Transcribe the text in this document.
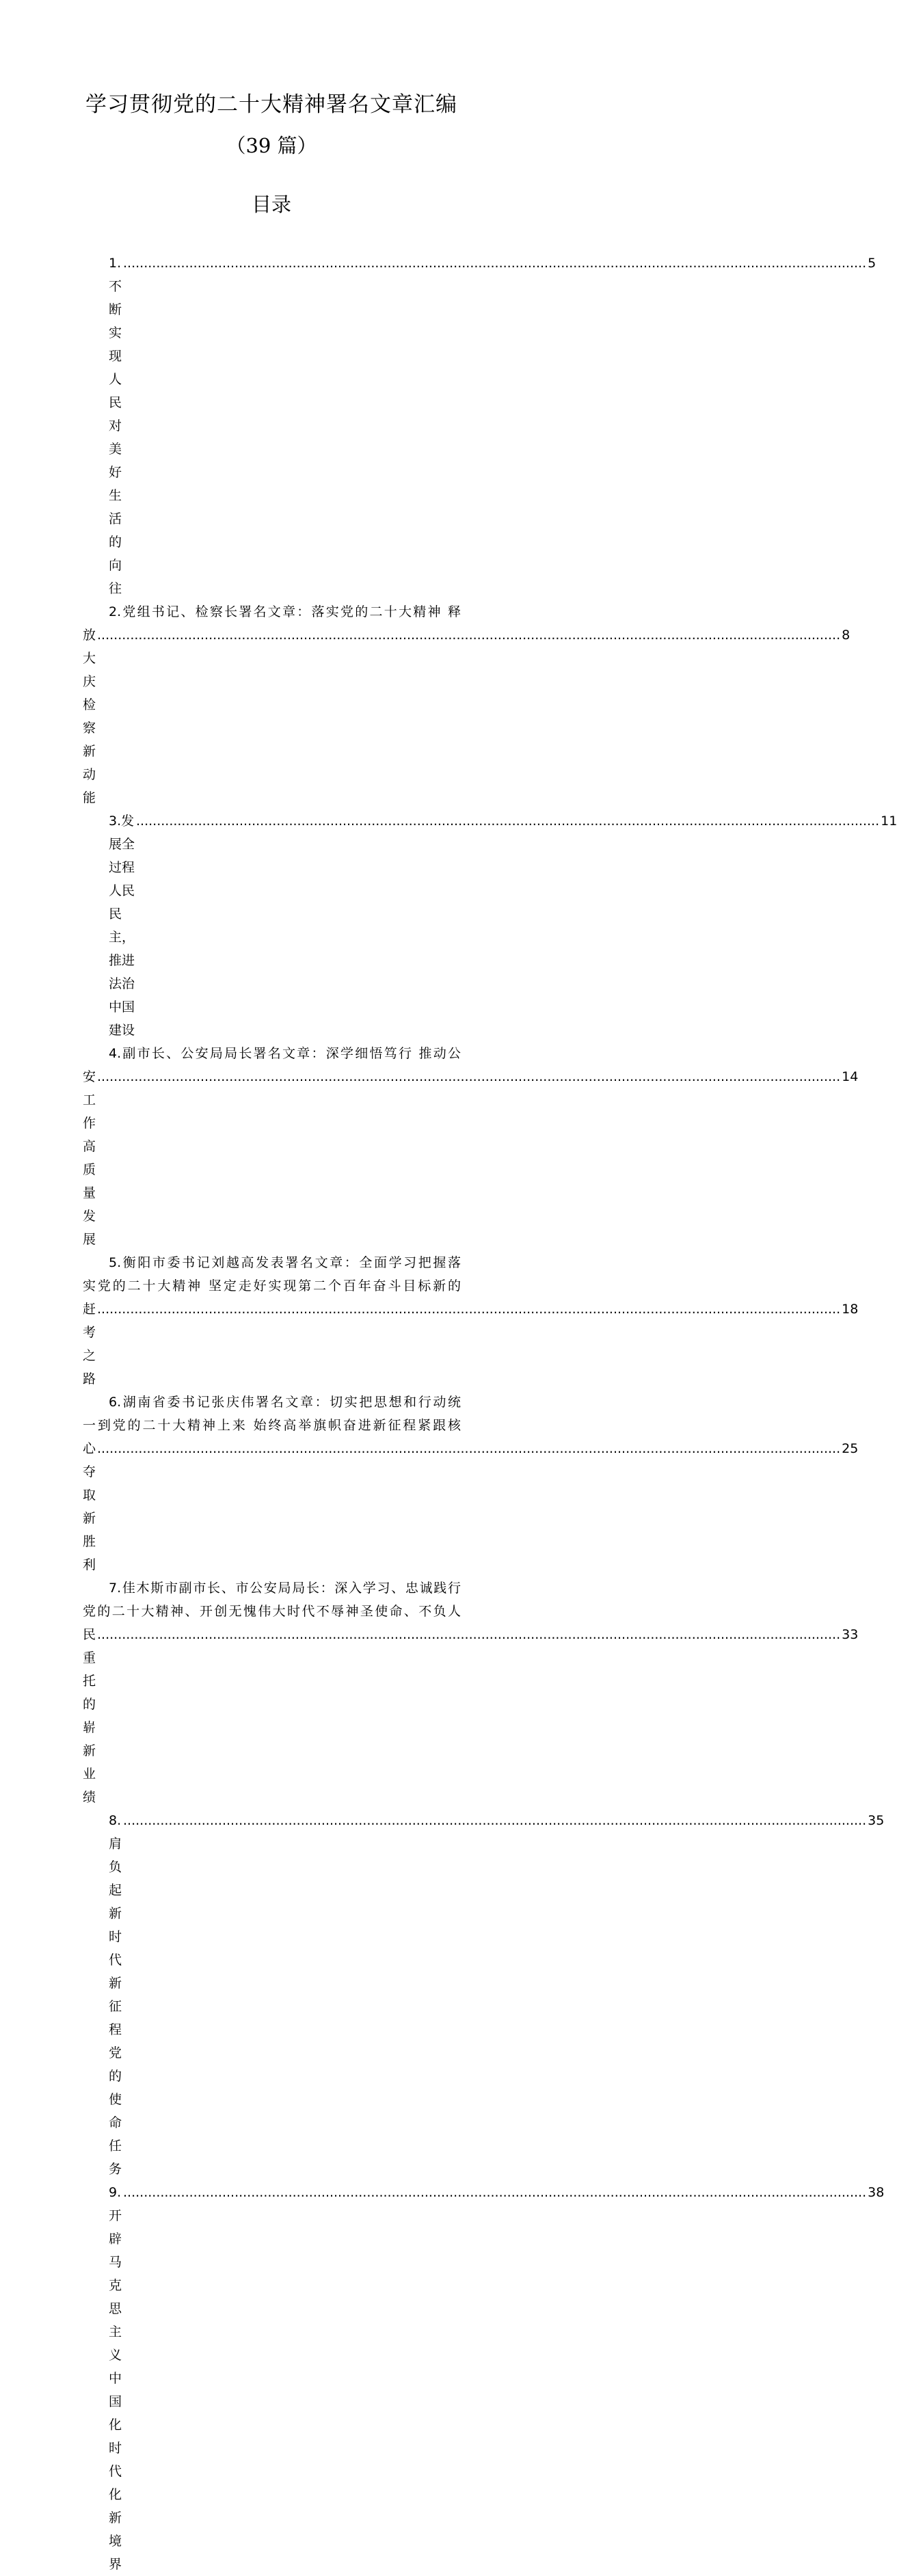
学习贯彻党的二十大精神署名文章汇编
（39 篇）
目录
1.不断实现人民对美好生活的向往
.................................................................................................................................................................................... 5
2.党组书记、检察长署名文章：落实党的二十大精神 释
放大庆检察新动能
.................................................................................................................................................................................... 8
3.发展全过程人民民主，推进法治中国建设
.................................................................................................................................................................................... 11
4.副市长、公安局局长署名文章：深学细悟笃行 推动公
安工作高质量发展
.................................................................................................................................................................................... 14
5.衡阳市委书记刘越高发表署名文章：全面学习把握落
实党的二十大精神 坚定走好实现第二个百年奋斗目标新的
赶考之路
.................................................................................................................................................................................... 18
6.湖南省委书记张庆伟署名文章：切实把思想和行动统
一到党的二十大精神上来 始终高举旗帜奋进新征程紧跟核
心夺取新胜利
.................................................................................................................................................................................... 25
7.佳木斯市副市长、市公安局局长：深入学习、忠诚践行
党的二十大精神、开创无愧伟大时代不辱神圣使命、不负人
民重托的崭新业绩
.................................................................................................................................................................................... 33
8.肩负起新时代新征程党的使命任务
.................................................................................................................................................................................... 35
9.开辟马克思主义中国化时代化新境界
.................................................................................................................................................................................... 38
